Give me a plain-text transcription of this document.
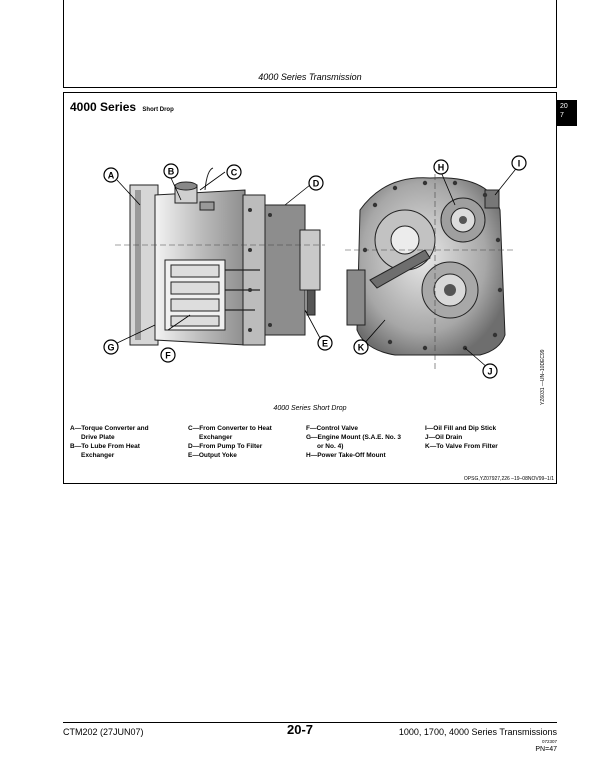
4000 Series Transmission
4000 Series Short Drop	20
7
A	B	C
D
E
F
G
H	I
J
K
YZ6031 —UN–10DEC99
4000 Series Short Drop
A—Torque Converter and
Drive Plate
B—To Lube From Heat
Exchanger
C—From Converter to Heat
Exchanger
D—From Pump To Filter
E—Output Yoke
F—Control Valve
G—Engine Mount (S.A.E. No. 3
or No. 4)
H—Power Take-Off Mount
I—Oil Fill and Dip Stick
J—Oil Drain
K—To Valve From Filter
OPSG,YZ07927,226 –19–08NOV99–1/1
CTM202 (27JUN07)	20-7	1000, 1700, 4000 Series Transmissions
072307
PN=47
